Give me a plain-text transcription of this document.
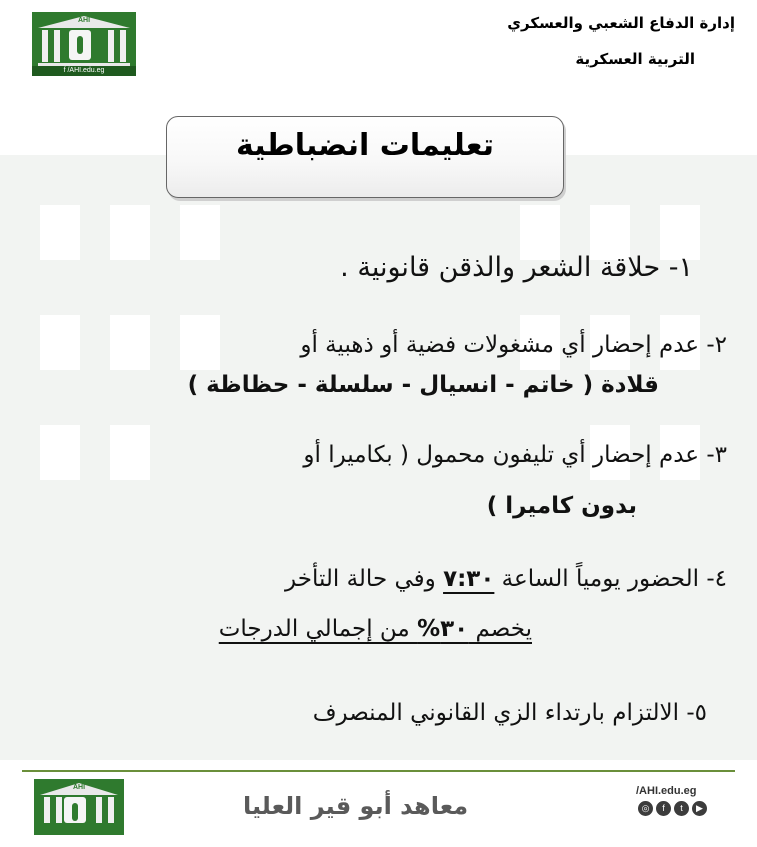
AHI
f /AHI.edu.eg
إدارة الدفاع الشعبي والعسكري
التربية العسكرية
تعليمات انضباطية
١- حلاقة الشعر والذقن قانونية .
٢- عدم إحضار أي مشغولات فضية أو ذهبية أو
قلادة ( خاتم - انسيال - سلسلة - حظاظة )
٣- عدم إحضار أي تليفون محمول ( بكاميرا أو
بدون كاميرا )
٤- الحضور يومياً الساعة ٧:٣٠ وفي حالة التأخر
يخصم ٣٠% من إجمالي الدرجات
٥- الالتزام بارتداء الزي القانوني المنصرف
AHI
معاهد أبو قير العليا
/AHI.edu.eg
◎	f	t	▶
